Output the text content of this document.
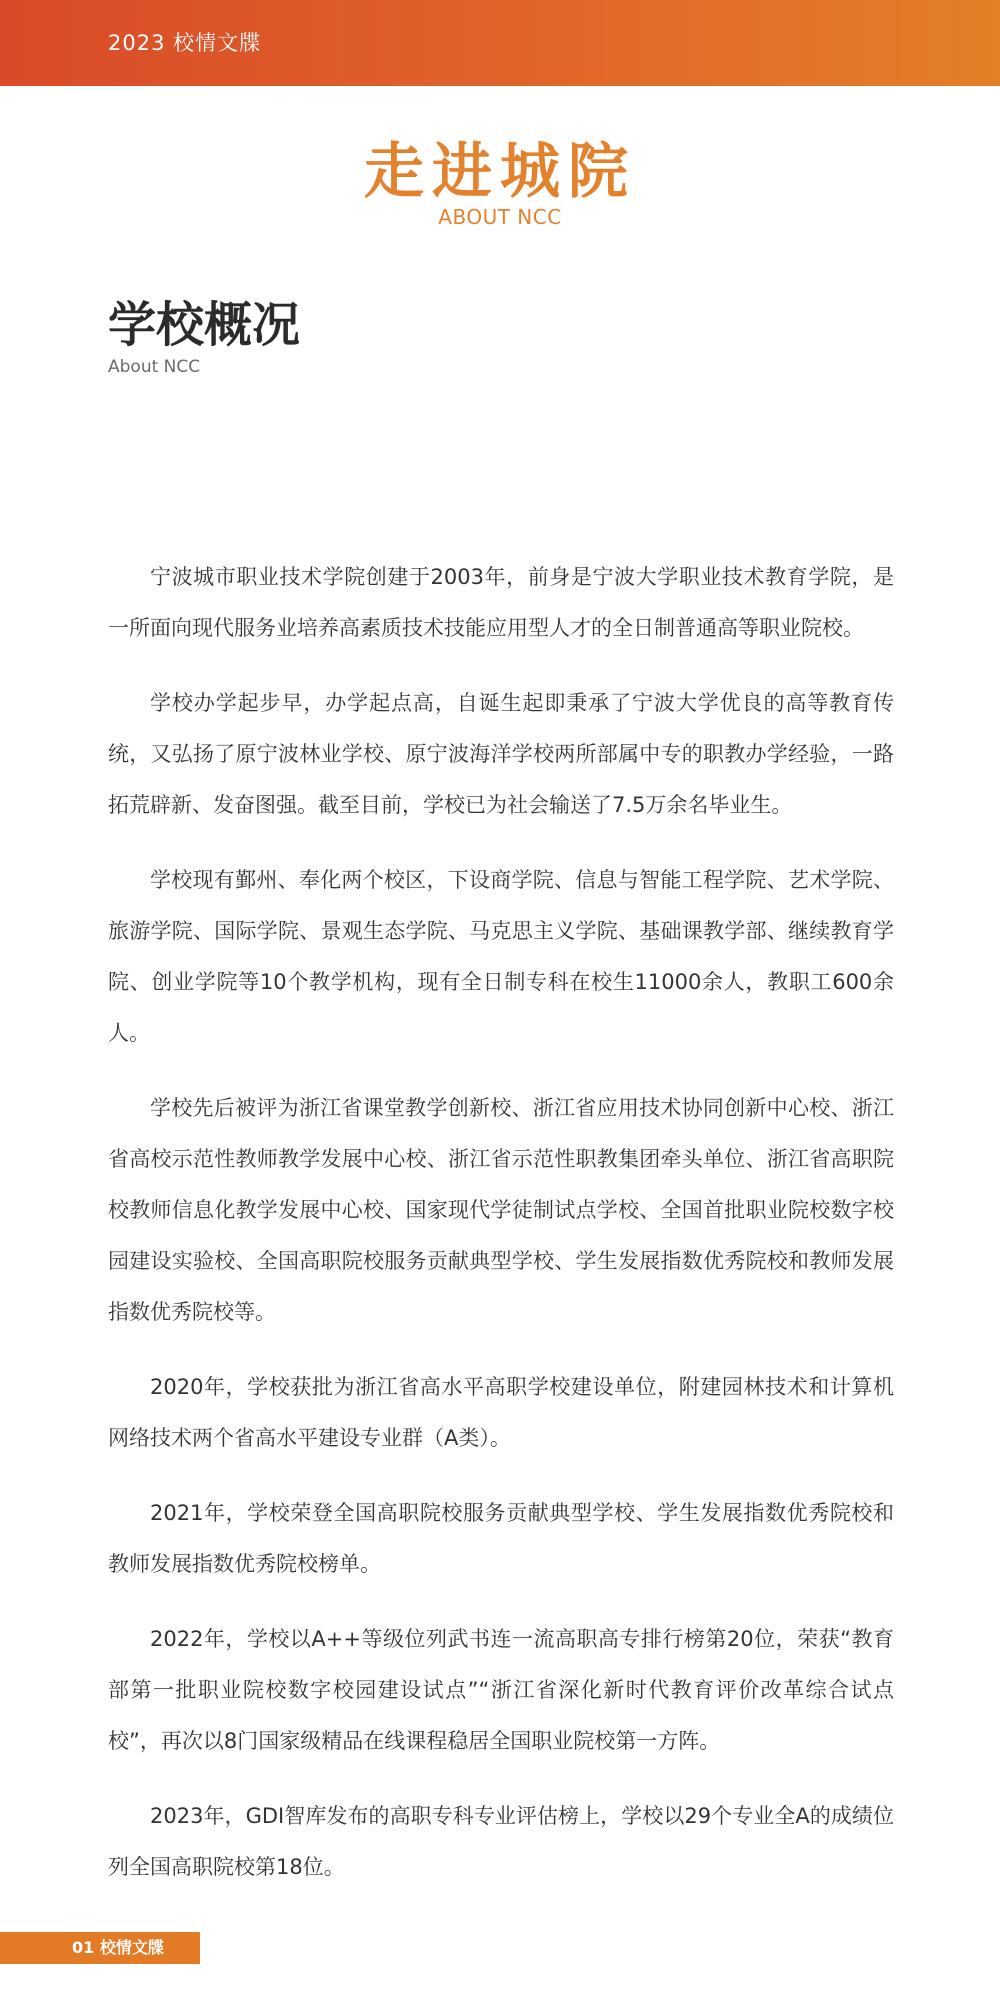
2023 校情文牒
走进城院
ABOUT NCC
学校概况
About NCC

宁波城市职业技术学院创建于2003年，前身是宁波大学职业技术教育学院，是一所面向现代服务业培养高素质技术技能应用型人才的全日制普通高等职业院校。

学校办学起步早，办学起点高，自诞生起即秉承了宁波大学优良的高等教育传统，又弘扬了原宁波林业学校、原宁波海洋学校两所部属中专的职教办学经验，一路拓荒辟新、发奋图强。截至目前，学校已为社会输送了7.5万余名毕业生。

学校现有鄞州、奉化两个校区，下设商学院、信息与智能工程学院、艺术学院、旅游学院、国际学院、景观生态学院、马克思主义学院、基础课教学部、继续教育学院、创业学院等10个教学机构，现有全日制专科在校生11000余人，教职工600余人。

学校先后被评为浙江省课堂教学创新校、浙江省应用技术协同创新中心校、浙江省高校示范性教师教学发展中心校、浙江省示范性职教集团牵头单位、浙江省高职院校教师信息化教学发展中心校、国家现代学徒制试点学校、全国首批职业院校数字校园建设实验校、全国高职院校服务贡献典型学校、学生发展指数优秀院校和教师发展指数优秀院校等。

2020年，学校获批为浙江省高水平高职学校建设单位，附建园林技术和计算机网络技术两个省高水平建设专业群（A类）。

2021年，学校荣登全国高职院校服务贡献典型学校、学生发展指数优秀院校和教师发展指数优秀院校榜单。

2022年，学校以A++等级位列武书连一流高职高专排行榜第20位，荣获“教育部第一批职业院校数字校园建设试点”“浙江省深化新时代教育评价改革综合试点校”，再次以8门国家级精品在线课程稳居全国职业院校第一方阵。

2023年，GDI智库发布的高职专科专业评估榜上，学校以29个专业全A的成绩位列全国高职院校第18位。

01 校情文牒
